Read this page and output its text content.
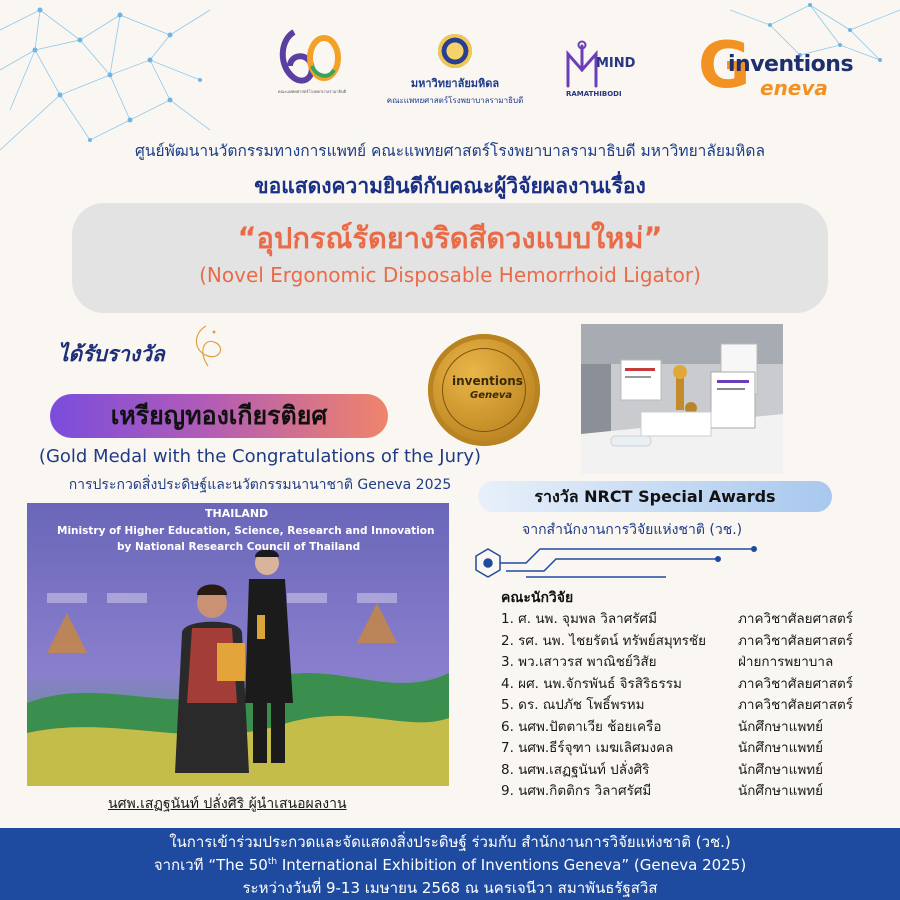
คณะแพทยศาสตร์โรงพยาบาลรามาธิบดี
มหาวิทยาลัยมหิดล
คณะแพทยศาสตร์โรงพยาบาลรามาธิบดี
MIND
RAMATHIBODI G
inventions
eneva
ศูนย์พัฒนานวัตกรรมทางการแพทย์ คณะแพทยศาสตร์โรงพยาบาลรามาธิบดี มหาวิทยาลัยมหิดล
ขอแสดงความยินดีกับคณะผู้วิจัยผลงานเรื่อง
“อุปกรณ์รัดยางริดสีดวงแบบใหม่”
(Novel Ergonomic Disposable Hemorrhoid Ligator)
ได้รับรางวัล
เหรียญทองเกียรติยศ
(Gold Medal with the Congratulations of the Jury)
การประกวดสิ่งประดิษฐ์และนวัตกรรมนานาชาติ Geneva 2025
inventions
Geneva
รางวัล NRCT Special Awards
จากสำนักงานการวิจัยแห่งชาติ (วช.)
THAILAND
Ministry of Higher Education, Science, Research and Innovation
by National Research Council of Thailand
นศพ.เสฏฐนันท์ ปลั่งศิริ ผู้นำเสนอผลงาน
คณะนักวิจัย
1. ศ. นพ. จุมพล วิลาศรัศมี	ภาควิชาศัลยศาสตร์
2. รศ. นพ. ไชยรัตน์ ทรัพย์สมุทรชัย ภาควิชาศัลยศาสตร์
3. พว.เสาวรส พาณิชย์วิสัย	ฝ่ายการพยาบาล
4. ผศ. นพ.จักรพันธ์ จิรสิริธรรม	ภาควิชาศัลยศาสตร์
5. ดร. ณปภัช โพธิ์พรหม	ภาควิชาศัลยศาสตร์
6. นศพ.ปัตตาเวีย ช้อยเครือ	นักศึกษาแพทย์
7. นศพ.ธีร์จุฑา เมฆเลิศมงคล	นักศึกษาแพทย์
8. นศพ.เสฏฐนันท์ ปลั่งศิริ	นักศึกษาแพทย์
9. นศพ.กิตติกร วิลาศรัศมี	นักศึกษาแพทย์
ในการเข้าร่วมประกวดและจัดแสดงสิ่งประดิษฐ์ ร่วมกับ สำนักงานการวิจัยแห่งชาติ (วช.)
จากเวที “The 50th International Exhibition of Inventions Geneva” (Geneva 2025)
ระหว่างวันที่ 9-13 เมษายน 2568 ณ นครเจนีวา สมาพันธรัฐสวิส
